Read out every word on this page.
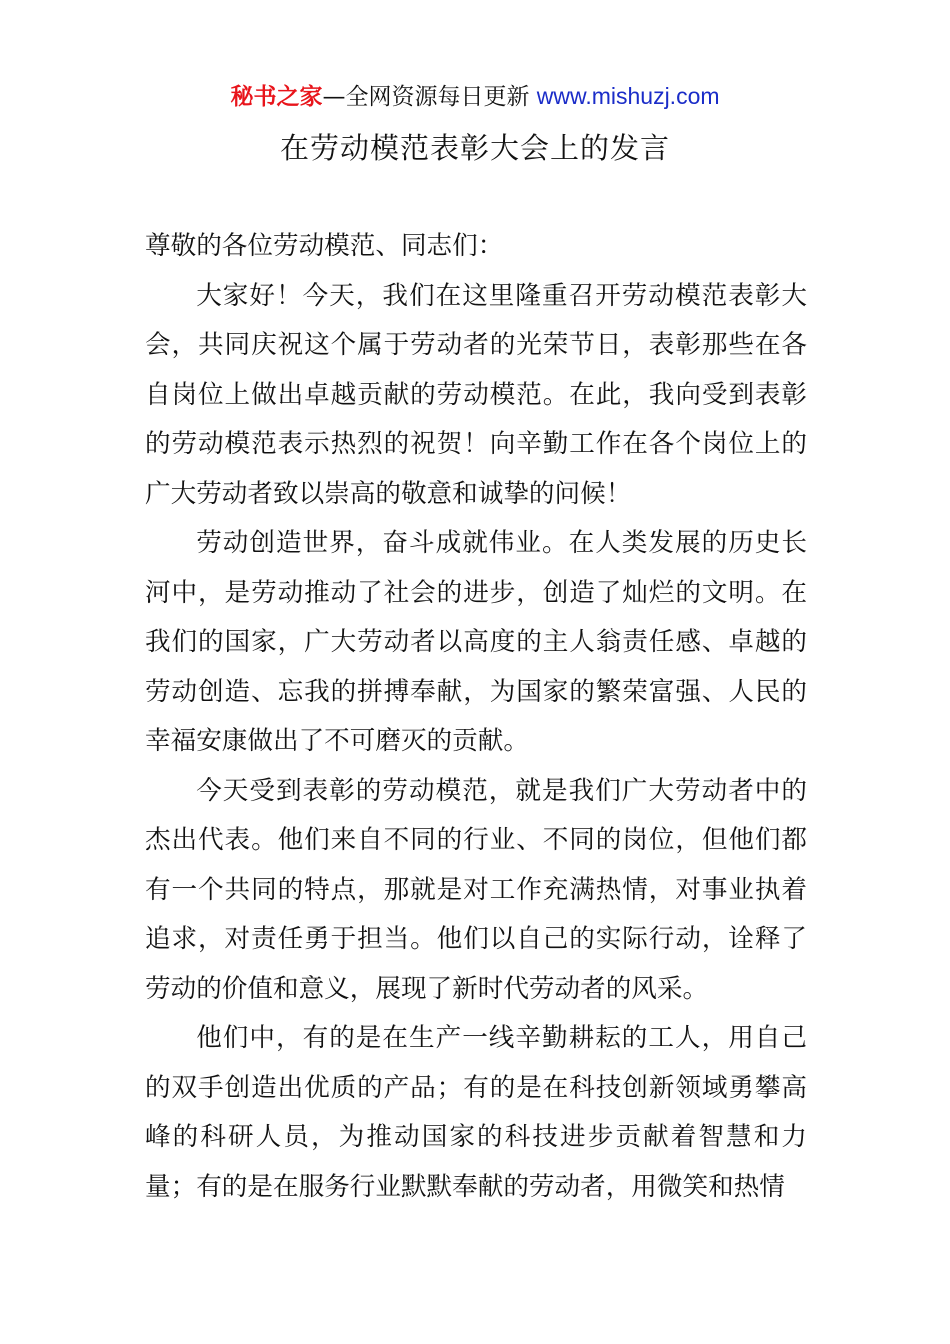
秘书之家—全网资源每日更新 www.mishuzj.com
在劳动模范表彰大会上的发言

尊敬的各位劳动模范、同志们：

大家好！今天，我们在这里隆重召开劳动模范表彰大会，共同庆祝这个属于劳动者的光荣节日，表彰那些在各自岗位上做出卓越贡献的劳动模范。在此，我向受到表彰的劳动模范表示热烈的祝贺！向辛勤工作在各个岗位上的广大劳动者致以崇高的敬意和诚挚的问候！

劳动创造世界，奋斗成就伟业。在人类发展的历史长河中，是劳动推动了社会的进步，创造了灿烂的文明。在我们的国家，广大劳动者以高度的主人翁责任感、卓越的劳动创造、忘我的拼搏奉献，为国家的繁荣富强、人民的幸福安康做出了不可磨灭的贡献。

今天受到表彰的劳动模范，就是我们广大劳动者中的杰出代表。他们来自不同的行业、不同的岗位，但他们都有一个共同的特点，那就是对工作充满热情，对事业执着追求，对责任勇于担当。他们以自己的实际行动，诠释了劳动的价值和意义，展现了新时代劳动者的风采。

他们中，有的是在生产一线辛勤耕耘的工人，用自己的双手创造出优质的产品；有的是在科技创新领域勇攀高峰的科研人员，为推动国家的科技进步贡献着智慧和力量；有的是在服务行业默默奉献的劳动者，用微笑和热情
